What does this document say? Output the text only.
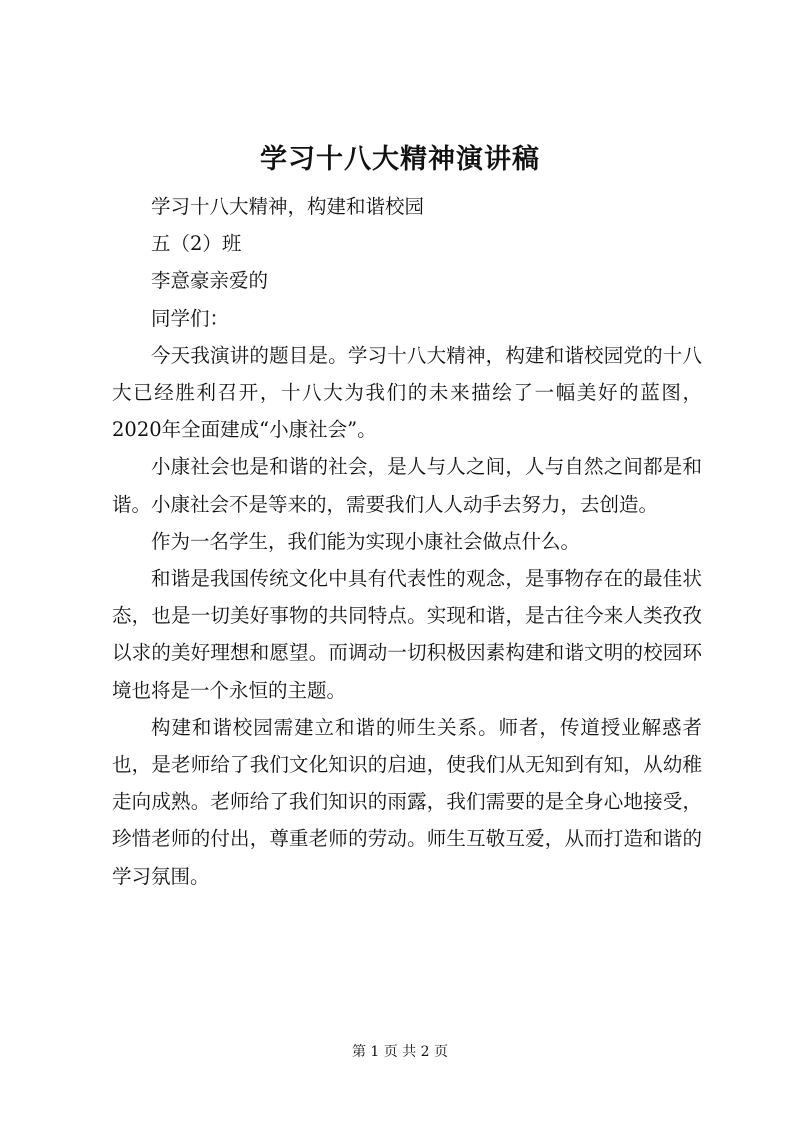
学习十八大精神演讲稿

学习十八大精神，构建和谐校园

五（2）班

李意豪亲爱的

同学们：

今天我演讲的题目是。学习十八大精神，构建和谐校园党的十八大已经胜利召开，十八大为我们的未来描绘了一幅美好的蓝图，2020年全面建成“小康社会”。

小康社会也是和谐的社会，是人与人之间，人与自然之间都是和谐。小康社会不是等来的，需要我们人人动手去努力，去创造。

作为一名学生，我们能为实现小康社会做点什么。

和谐是我国传统文化中具有代表性的观念，是事物存在的最佳状态，也是一切美好事物的共同特点。实现和谐，是古往今来人类孜孜以求的美好理想和愿望。而调动一切积极因素构建和谐文明的校园环境也将是一个永恒的主题。

构建和谐校园需建立和谐的师生关系。师者，传道授业解惑者也，是老师给了我们文化知识的启迪，使我们从无知到有知，从幼稚走向成熟。老师给了我们知识的雨露，我们需要的是全身心地接受，珍惜老师的付出，尊重老师的劳动。师生互敬互爱，从而打造和谐的学习氛围。

第 1 页 共 2 页
